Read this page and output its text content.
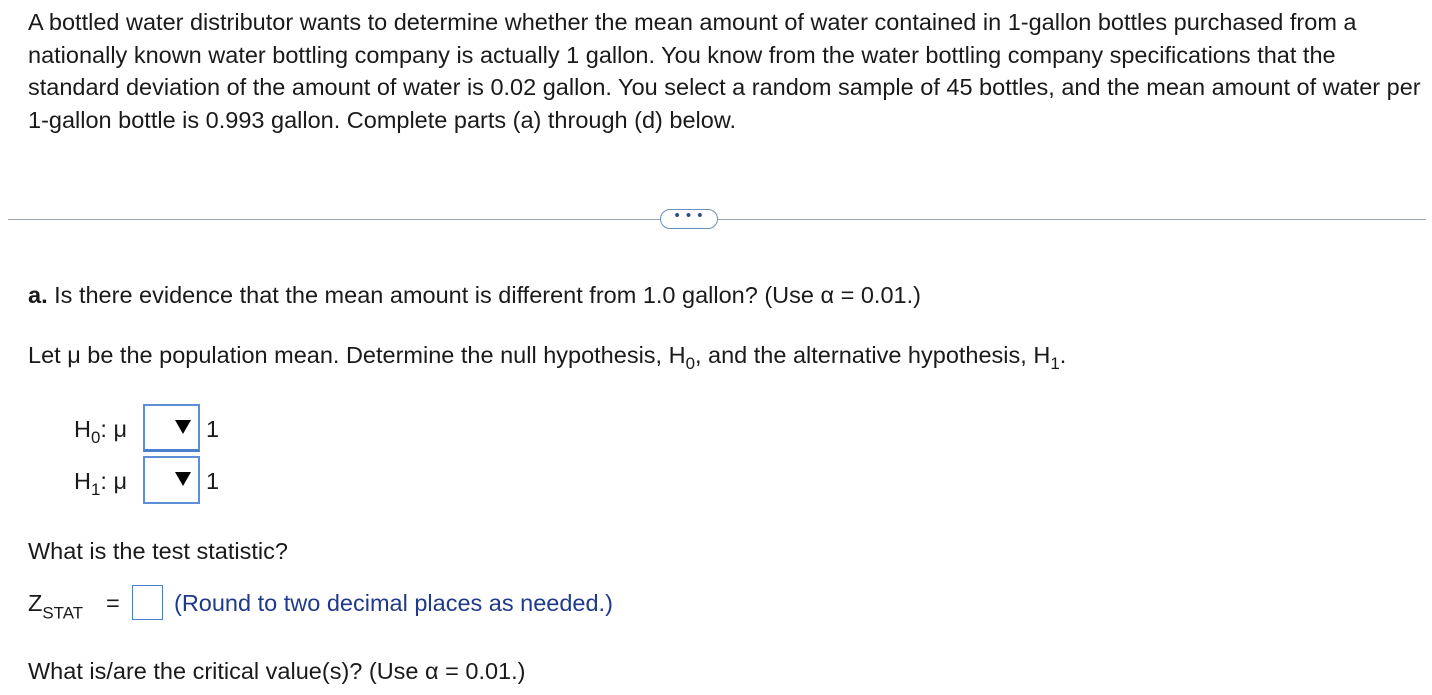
A bottled water distributor wants to determine whether the mean amount of water contained in 1-gallon bottles purchased from a nationally known water bottling company is actually 1 gallon. You know from the water bottling company specifications that the standard deviation of the amount of water is 0.02 gallon. You select a random sample of 45 bottles, and the mean amount of water per 1-gallon bottle is 0.993 gallon. Complete parts (a) through (d) below.
• • •
a. Is there evidence that the mean amount is different from 1.0 gallon? (Use α = 0.01.)
Let μ be the population mean. Determine the null hypothesis, $H_0$, and the alternative hypothesis, $H_1$.
$H_0$: μ	1
$H_1$: μ	1
What is the test statistic?
$Z_{STAT}$ = (Round to two decimal places as needed.)
What is/are the critical value(s)? (Use α = 0.01.)
